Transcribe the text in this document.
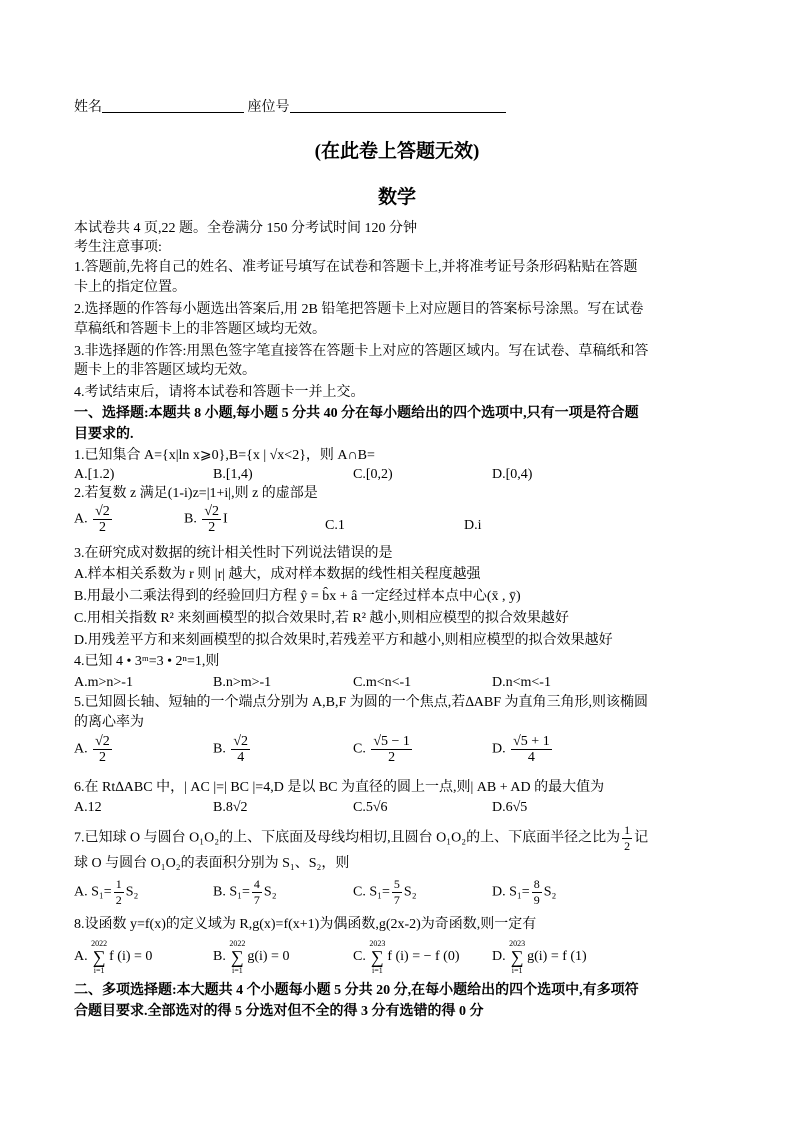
姓名	座位号
(在此卷上答题无效)
数学
本试卷共 4 页,22 题。全卷满分 150 分考试时间 120 分钟
考生注意事项:
1.答题前,先将自己的姓名、准考证号填写在试卷和答题卡上,并将准考证号条形码粘贴在答题
卡上的指定位置。
2.选择题的作答每小题选出答案后,用 2B 铅笔把答题卡上对应题目的答案标号涂黑。写在试卷
草稿纸和答题卡上的非答题区域均无效。
3.非选择题的作答:用黑色签字笔直接答在答题卡上对应的答题区域内。写在试卷、草稿纸和答
题卡上的非答题区域均无效。
4.考试结束后，请将本试卷和答题卡一并上交。
一、选择题:本题共 8 小题,每小题 5 分共 40 分在每小题给出的四个选项中,只有一项是符合题
目要求的.
1.已知集合 A={x|ln x⩾0},B={x | √x<2}，则 A∩B=
A.[1.2)	B.[1,4)	C.[0,2)	D.[0,4)
2.若复数 z 满足(1-i)z=|1+i|,则 z 的虚部是
A. $\frac{√2}{2}$	B. $\frac{√2}{2}$ I	C.1	D.i
3.在研究成对数据的统计相关性时下列说法错误的是
A.样本相关系数为 r 则 |r| 越大，成对样本数据的线性相关程度越强
B.用最小二乘法得到的经验回归方程 ŷ = b̂x + â 一定经过样本点中心(x̄ , ȳ)
C.用相关指数 R² 来刻画模型的拟合效果时,若 R² 越小,则相应模型的拟合效果越好
D.用残差平方和来刻画模型的拟合效果时,若残差平方和越小,则相应模型的拟合效果越好
4.已知 4 • 3ᵐ=3 • 2ⁿ=1,则
A.m>n>-1	B.n>m>-1	C.m<n<-1	D.n<m<-1
5.已知圆长轴、短轴的一个端点分别为 A,B,F 为圆的一个焦点,若∆ABF 为直角三角形,则该椭圆
的离心率为
A. $\frac{√2}{2}$	B. $\frac{√2}{4}$	C. $\frac{√5 - 1}{2}$	D. $\frac{√5 + 1}{4}$
6.在 Rt∆ABC 中，| AC |=| BC |=4,D 是以 BC 为直径的圆上一点,则| AB + AD 的最大值为
A.12	B.8√2	C.5√6	D.6√5
7.已知球 O 与圆台 O₁O₂的上、下底面及母线均相切,且圆台 O₁O₂的上、下底面半径之比为 $\frac{1}{2}$ 记
球 O 与圆台 O₁O₂的表面积分别为 S₁、S₂，则
A. $S_1= \frac{1}{2} S_2$	B. $S_1= \frac{4}{7} S_2$	C. $S_1= \frac{5}{7} S_2$	D. $S_1= \frac{8}{9} S_2$
8.设函数 y=f(x)的定义域为 R,g(x)=f(x+1)为偶函数,g(2x-2)为奇函数,则一定有
A.
2022
∑
i=1
f (i) = 0	B.
2022
∑
i=1
g(i) = 0	C.
2023
∑
i=1
f (i) = − f (0) D.
2023
∑
i=1
g(i) = f (1)
二、多项选择题:本大题共 4 个小题每小题 5 分共 20 分,在每小题给出的四个选项中,有多项符
合题目要求.全部选对的得 5 分选对但不全的得 3 分有选错的得 0 分
